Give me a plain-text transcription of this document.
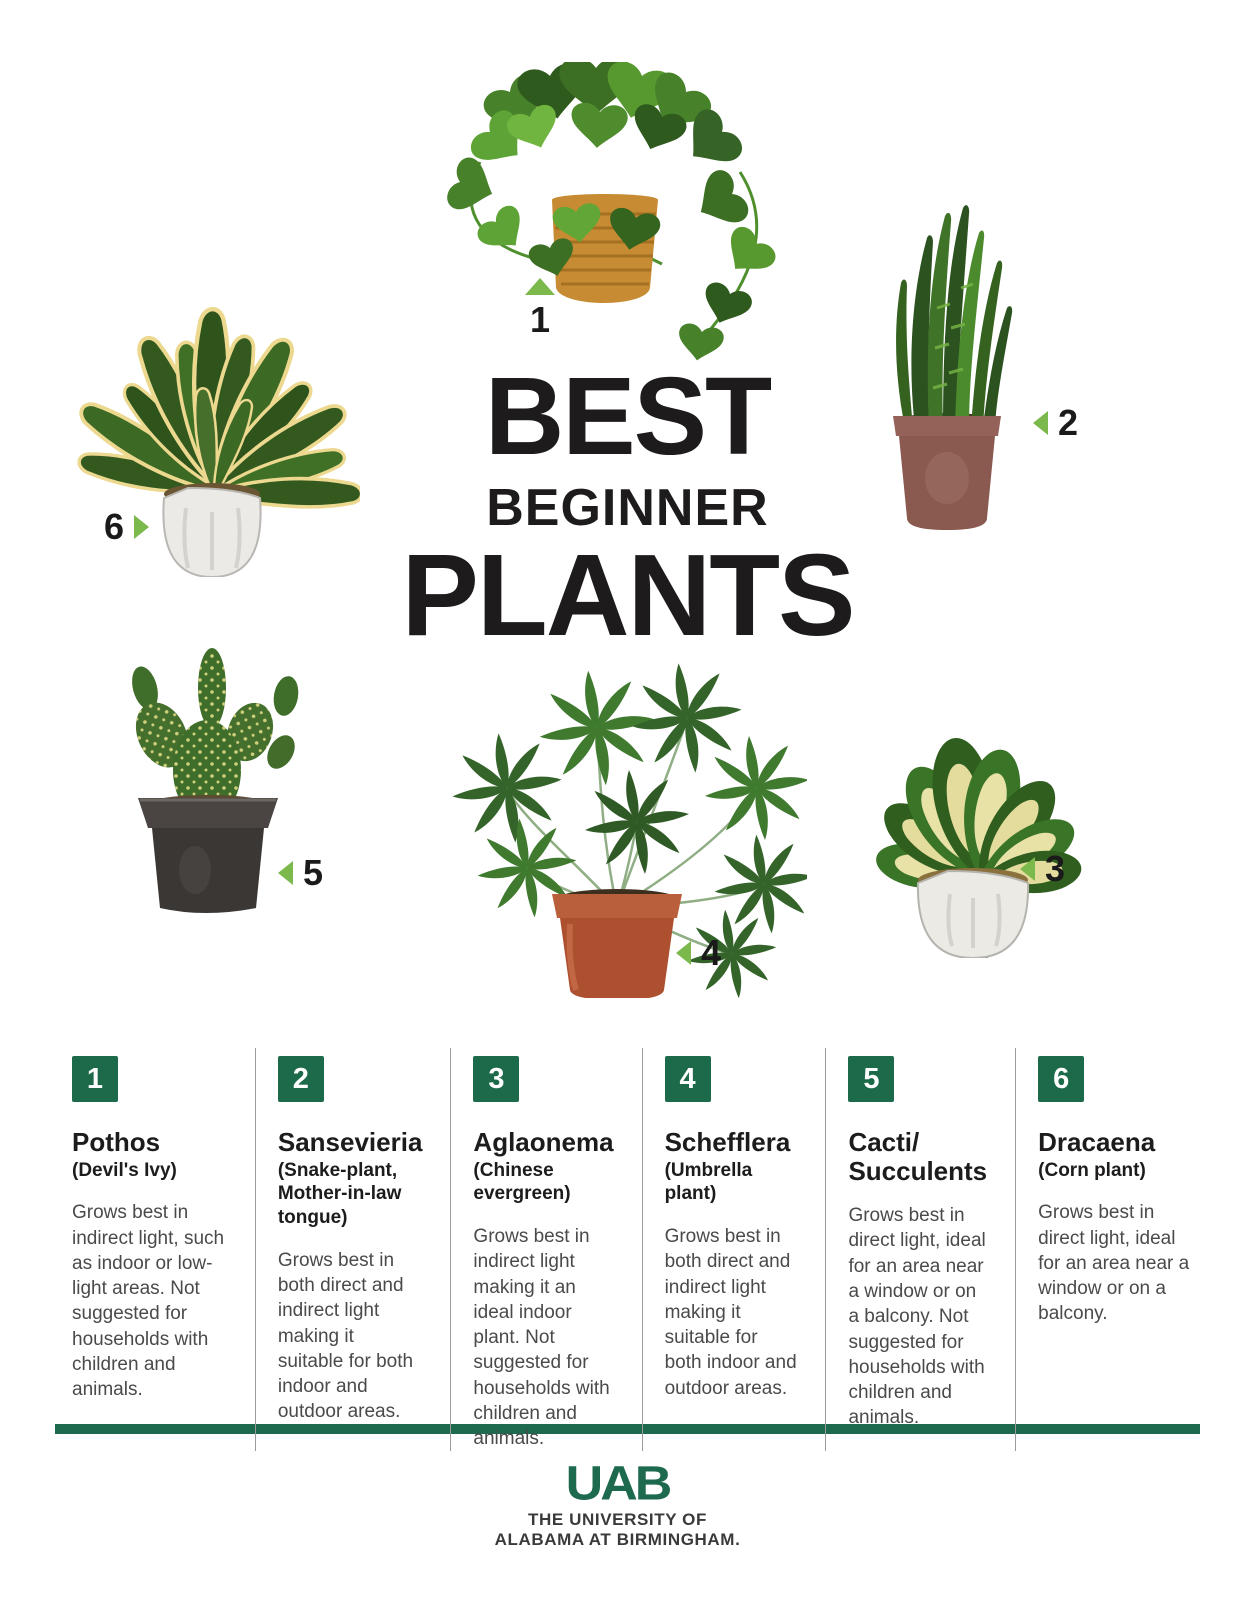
BEST
BEGINNER
PLANTS
1
2
3
4
5
6
1
Pothos
(Devil's Ivy)

Grows best in indirect light, such as indoor or low-light areas. Not suggested for households with children and animals.

2
Sansevieria
(Snake-plant, Mother-in-law tongue)

Grows best in both direct and indirect light making it suitable for both indoor and outdoor areas.

3
Aglaonema
(Chinese evergreen)

Grows best in indirect light making it an ideal indoor plant. Not suggested for households with children and animals.

4
Schefflera
(Umbrella plant)

Grows best in both direct and indirect light making it suitable for both indoor and outdoor areas.

5
Cacti/ Succulents

Grows best in direct light, ideal for an area near a window or on a balcony. Not suggested for households with children and animals.

6
Dracaena
(Corn plant)

Grows best in direct light, ideal for an area near a window or on a balcony.

UAB
THE UNIVERSITY OF
ALABAMA AT BIRMINGHAM.
